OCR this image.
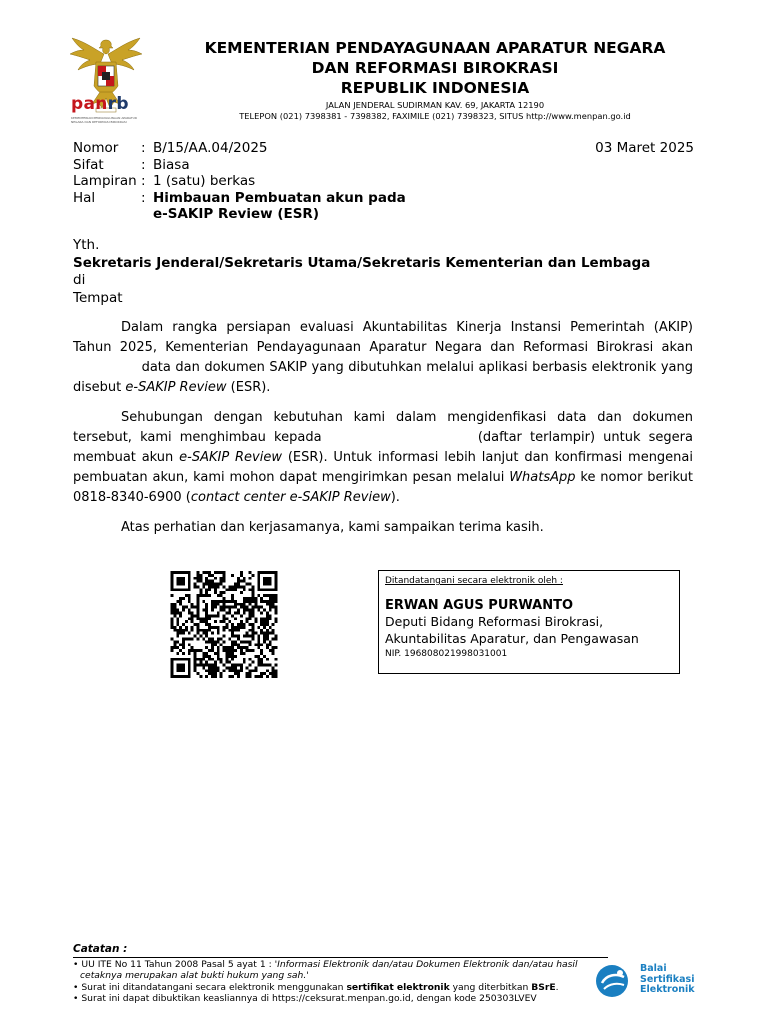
panrb
KEMENTERIAN PENDAYAGUNAAN APARATUR NEGARA DAN REFORMASI BIROKRASI
KEMENTERIAN PENDAYAGUNAAN APARATUR NEGARA
DAN REFORMASI BIROKRASI
REPUBLIK INDONESIA
JALAN JENDERAL SUDIRMAN KAV. 69, JAKARTA 12190
TELEPON (021) 7398381 - 7398382, FAXIMILE (021) 7398323, SITUS http://www.menpan.go.id
Nomor	: B/15/AA.04/2025
Sifat	: Biasa
Lampiran : 1 (satu) berkas
Hal	: Himbauan Pembuatan akun pada e-SAKIP Review (ESR)
03 Maret 2025
Yth.
Sekretaris Jenderal/Sekretaris Utama/Sekretaris Kementerian dan Lembaga
di
Tempat

Dalam rangka persiapan evaluasi Akuntabilitas Kinerja Instansi Pemerintah (AKIP) Tahun 2025, Kementerian Pendayagunaan Aparatur Negara dan Reformasi Birokrasi akan  data dan dokumen SAKIP yang dibutuhkan melalui aplikasi berbasis elektronik yang disebut e-SAKIP Review (ESR).

Sehubungan dengan kebutuhan kami dalam mengidenfikasi data dan dokumen tersebut, kami menghimbau kepada	(daftar terlampir) untuk segera membuat akun e-SAKIP Review (ESR). Untuk informasi lebih lanjut dan konfirmasi mengenai pembuatan akun, kami mohon dapat mengirimkan pesan melalui WhatsApp ke nomor berikut 0818-8340-6900 (contact center e-SAKIP Review).

Atas perhatian dan kerjasamanya, kami sampaikan terima kasih.

Ditandatangani secara elektronik oleh :
ERWAN AGUS PURWANTO
Deputi Bidang Reformasi Birokrasi,
Akuntabilitas Aparatur, dan Pengawasan
NIP. 196808021998031001
Catatan :
• UU ITE No 11 Tahun 2008 Pasal 5 ayat 1 : 'Informasi Elektronik dan/atau Dokumen Elektronik dan/atau hasil cetaknya merupakan alat bukti hukum yang sah.'
• Surat ini ditandatangani secara elektronik menggunakan sertifikat elektronik yang diterbitkan BSrE.
• Surat ini dapat dibuktikan keasliannya di https://ceksurat.menpan.go.id, dengan kode 250303LVEV
Balai
Sertifikasi
Elektronik
